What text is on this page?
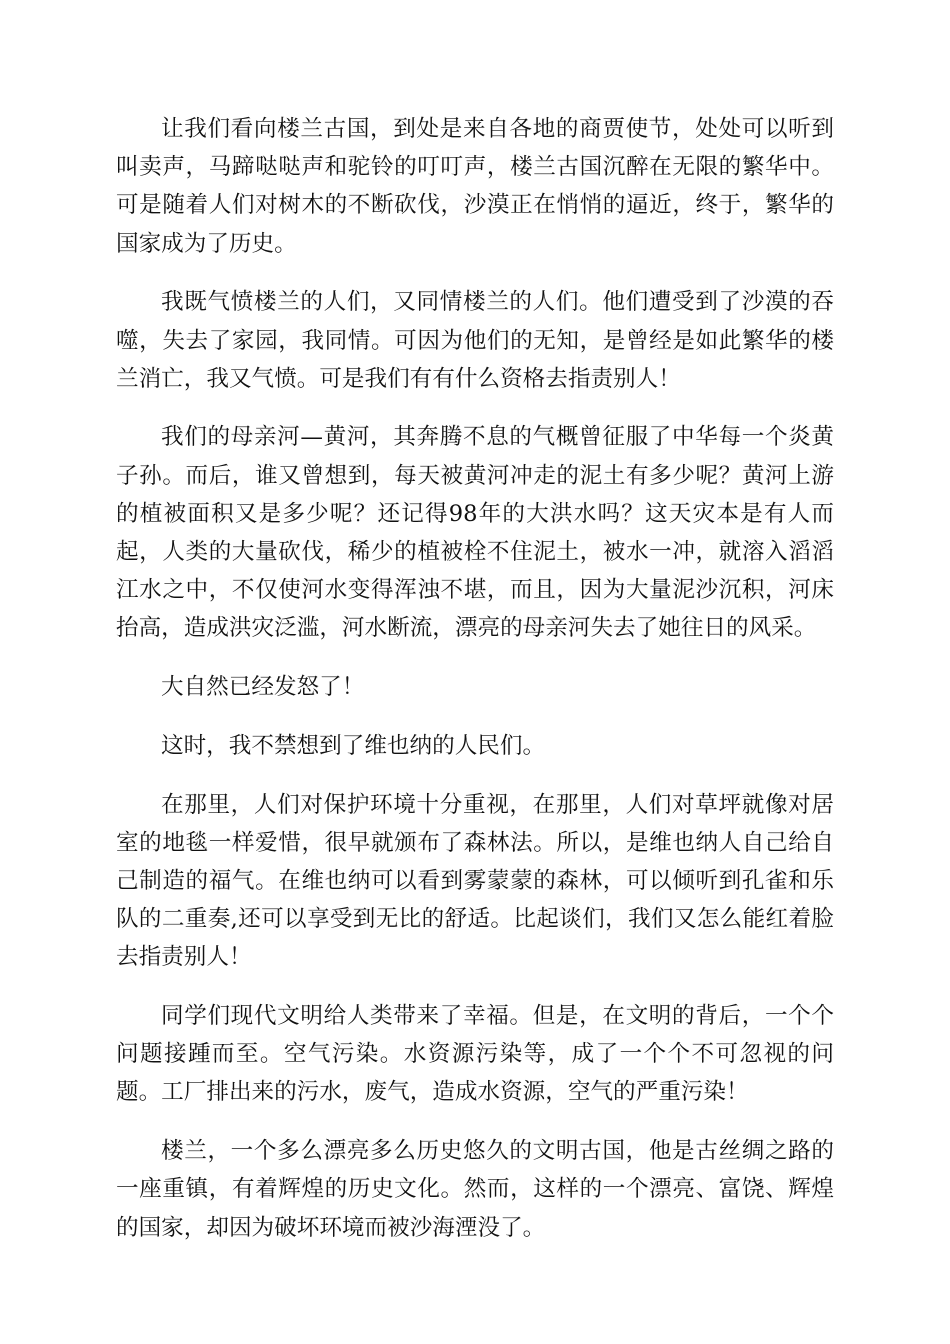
让我们看向楼兰古国，到处是来自各地的商贾使节，处处可以听到叫卖声，马蹄哒哒声和驼铃的叮叮声，楼兰古国沉醉在无限的繁华中。可是随着人们对树木的不断砍伐，沙漠正在悄悄的逼近，终于，繁华的国家成为了历史。

我既气愤楼兰的人们，又同情楼兰的人们。他们遭受到了沙漠的吞噬，失去了家园，我同情。可因为他们的无知，是曾经是如此繁华的楼兰消亡，我又气愤。可是我们有有什么资格去指责别人！

我们的母亲河—黄河，其奔腾不息的气概曾征服了中华每一个炎黄子孙。而后，谁又曾想到，每天被黄河冲走的泥土有多少呢？黄河上游的植被面积又是多少呢？还记得98年的大洪水吗？这天灾本是有人而起，人类的大量砍伐，稀少的植被栓不住泥土，被水一冲，就溶入滔滔江水之中，不仅使河水变得浑浊不堪，而且，因为大量泥沙沉积，河床抬高，造成洪灾泛滥，河水断流，漂亮的母亲河失去了她往日的风采。

大自然已经发怒了！

这时，我不禁想到了维也纳的人民们。

在那里，人们对保护环境十分重视，在那里，人们对草坪就像对居室的地毯一样爱惜，很早就颁布了森林法。所以，是维也纳人自己给自己制造的福气。在维也纳可以看到雾蒙蒙的森林，可以倾听到孔雀和乐队的二重奏,还可以享受到无比的舒适。比起谈们，我们又怎么能红着脸去指责别人！

同学们现代文明给人类带来了幸福。但是，在文明的背后，一个个问题接踵而至。空气污染。水资源污染等，成了一个个不可忽视的问题。工厂排出来的污水，废气，造成水资源，空气的严重污染！

楼兰，一个多么漂亮多么历史悠久的文明古国，他是古丝绸之路的一座重镇，有着辉煌的历史文化。然而，这样的一个漂亮、富饶、辉煌的国家，却因为破坏环境而被沙海湮没了。
